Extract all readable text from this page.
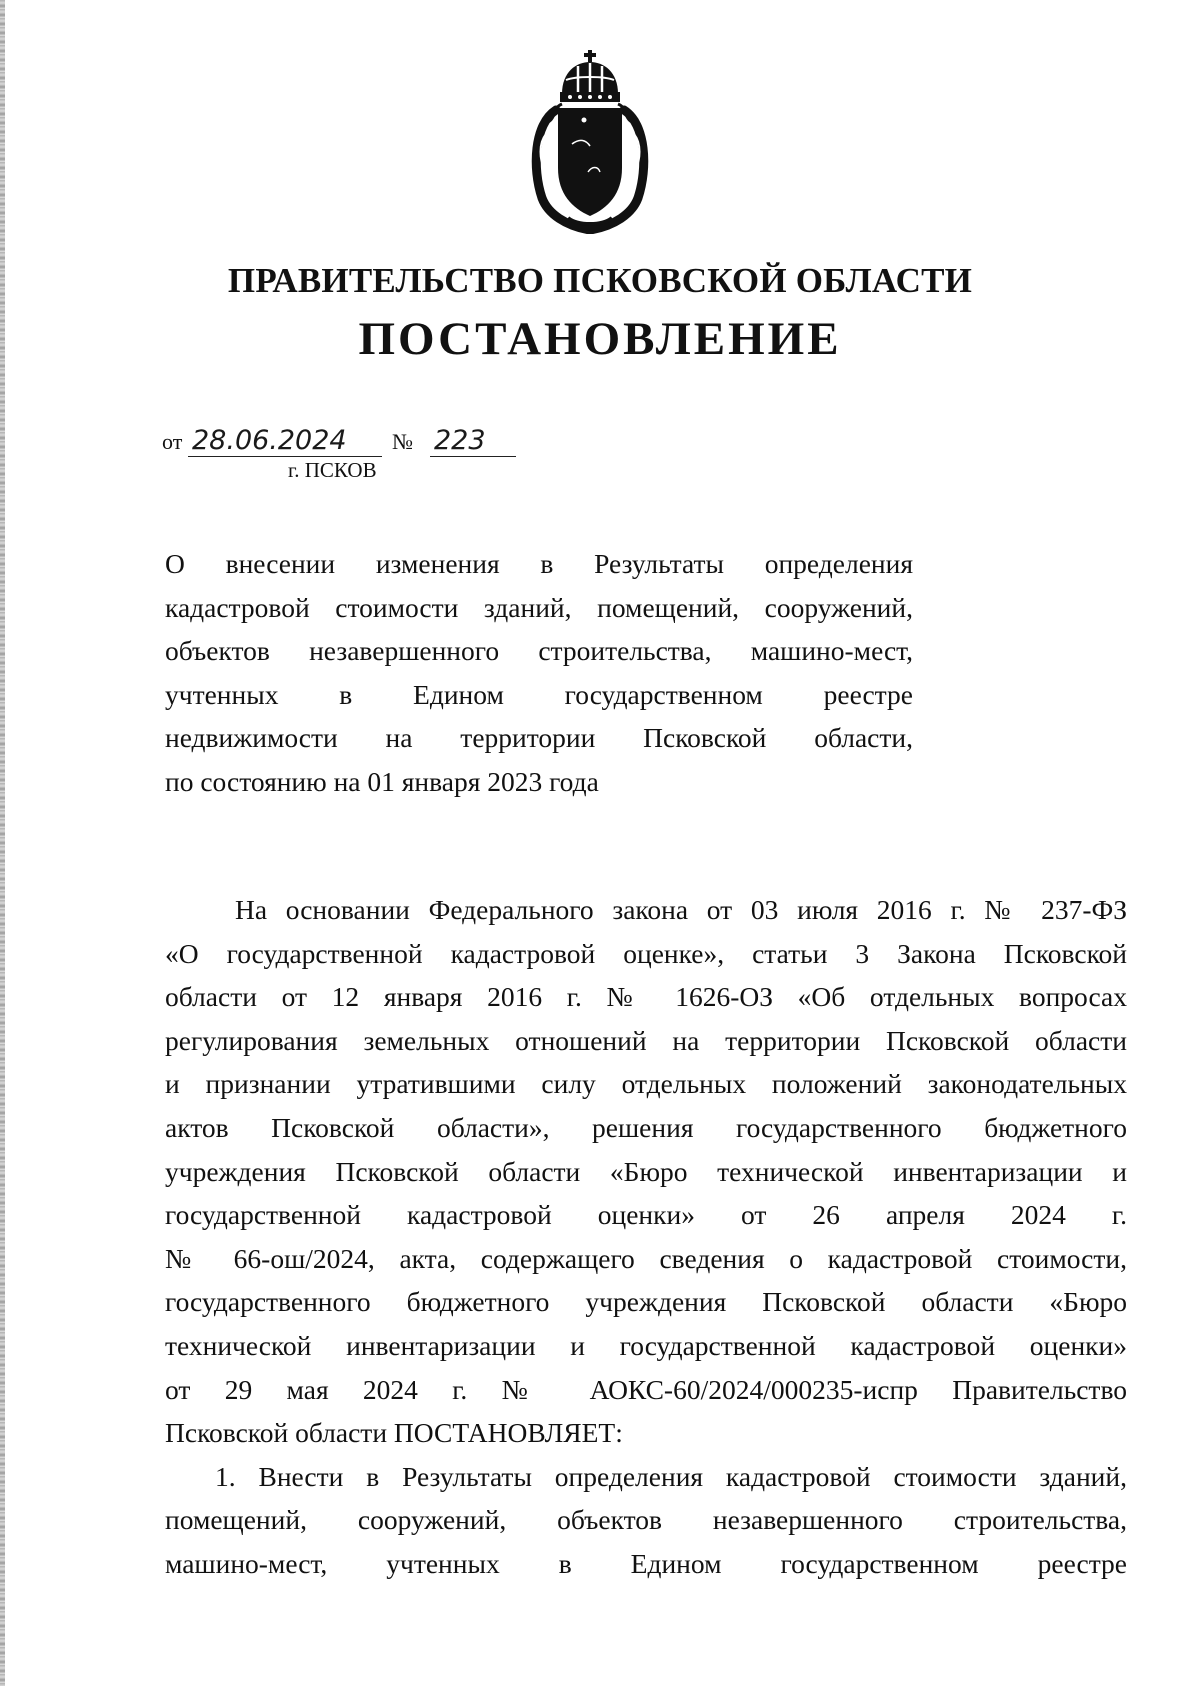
ПРАВИТЕЛЬСТВО ПСКОВСКОЙ ОБЛАСТИ
ПОСТАНОВЛЕНИЕ
от 28.06.2024 № 223
г. ПСКОВ
О внесении изменения в Результаты определения
кадастровой стоимости зданий, помещений, сооружений,
объектов незавершенного строительства, машино-мест,
учтенных в Едином государственном реестре
недвижимости на территории Псковской области,
по состоянию на 01 января 2023 года
На основании Федерального закона от 03 июля 2016 г. № 237-ФЗ
«О государственной кадастровой оценке», статьи 3 Закона Псковской
области от 12 января 2016 г. № 1626-ОЗ «Об отдельных вопросах
регулирования земельных отношений на территории Псковской области
и признании утратившими силу отдельных положений законодательных
актов Псковской области», решения государственного бюджетного
учреждения Псковской области «Бюро технической инвентаризации и
государственной кадастровой оценки» от 26 апреля 2024 г.
№ 66-ош/2024, акта, содержащего сведения о кадастровой стоимости,
государственного бюджетного учреждения Псковской области «Бюро
технической инвентаризации и государственной кадастровой оценки»
от 29 мая 2024 г. № АОКС-60/2024/000235-испр Правительство
Псковской области ПОСТАНОВЛЯЕТ:
1. Внести в Результаты определения кадастровой стоимости зданий,
помещений, сооружений, объектов незавершенного строительства,
машино-мест, учтенных в Едином государственном реестре
